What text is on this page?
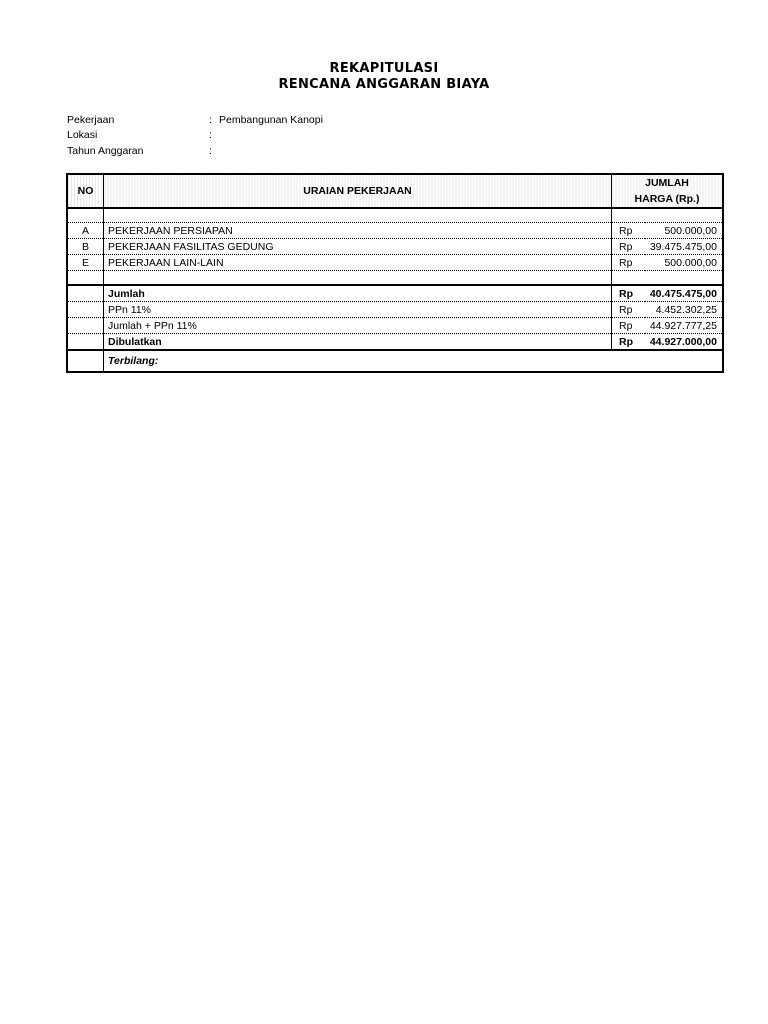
REKAPITULASI
RENCANA ANGGARAN BIAYA
Pekerjaan	: Pembangunan Kanopi
Lokasi	:
Tahun Anggaran	:
NO	URAIAN PEKERJAAN	JUMLAH
HARGA (Rp.)	

A	PEKERJAAN PERSIAPAN	Rp	500.000,00
B	PEKERJAAN FASILITAS GEDUNG	Rp	39.475.475,00
E	PEKERJAAN LAIN-LAIN	Rp	500.000,00

	Jumlah	Rp	40.475.475,00
	PPn 11%	Rp	4.452.302,25
	Jumlah + PPn 11%	Rp	44.927.777,25
	Dibulatkan	Rp	44.927.000,00
	Terbilang:		
